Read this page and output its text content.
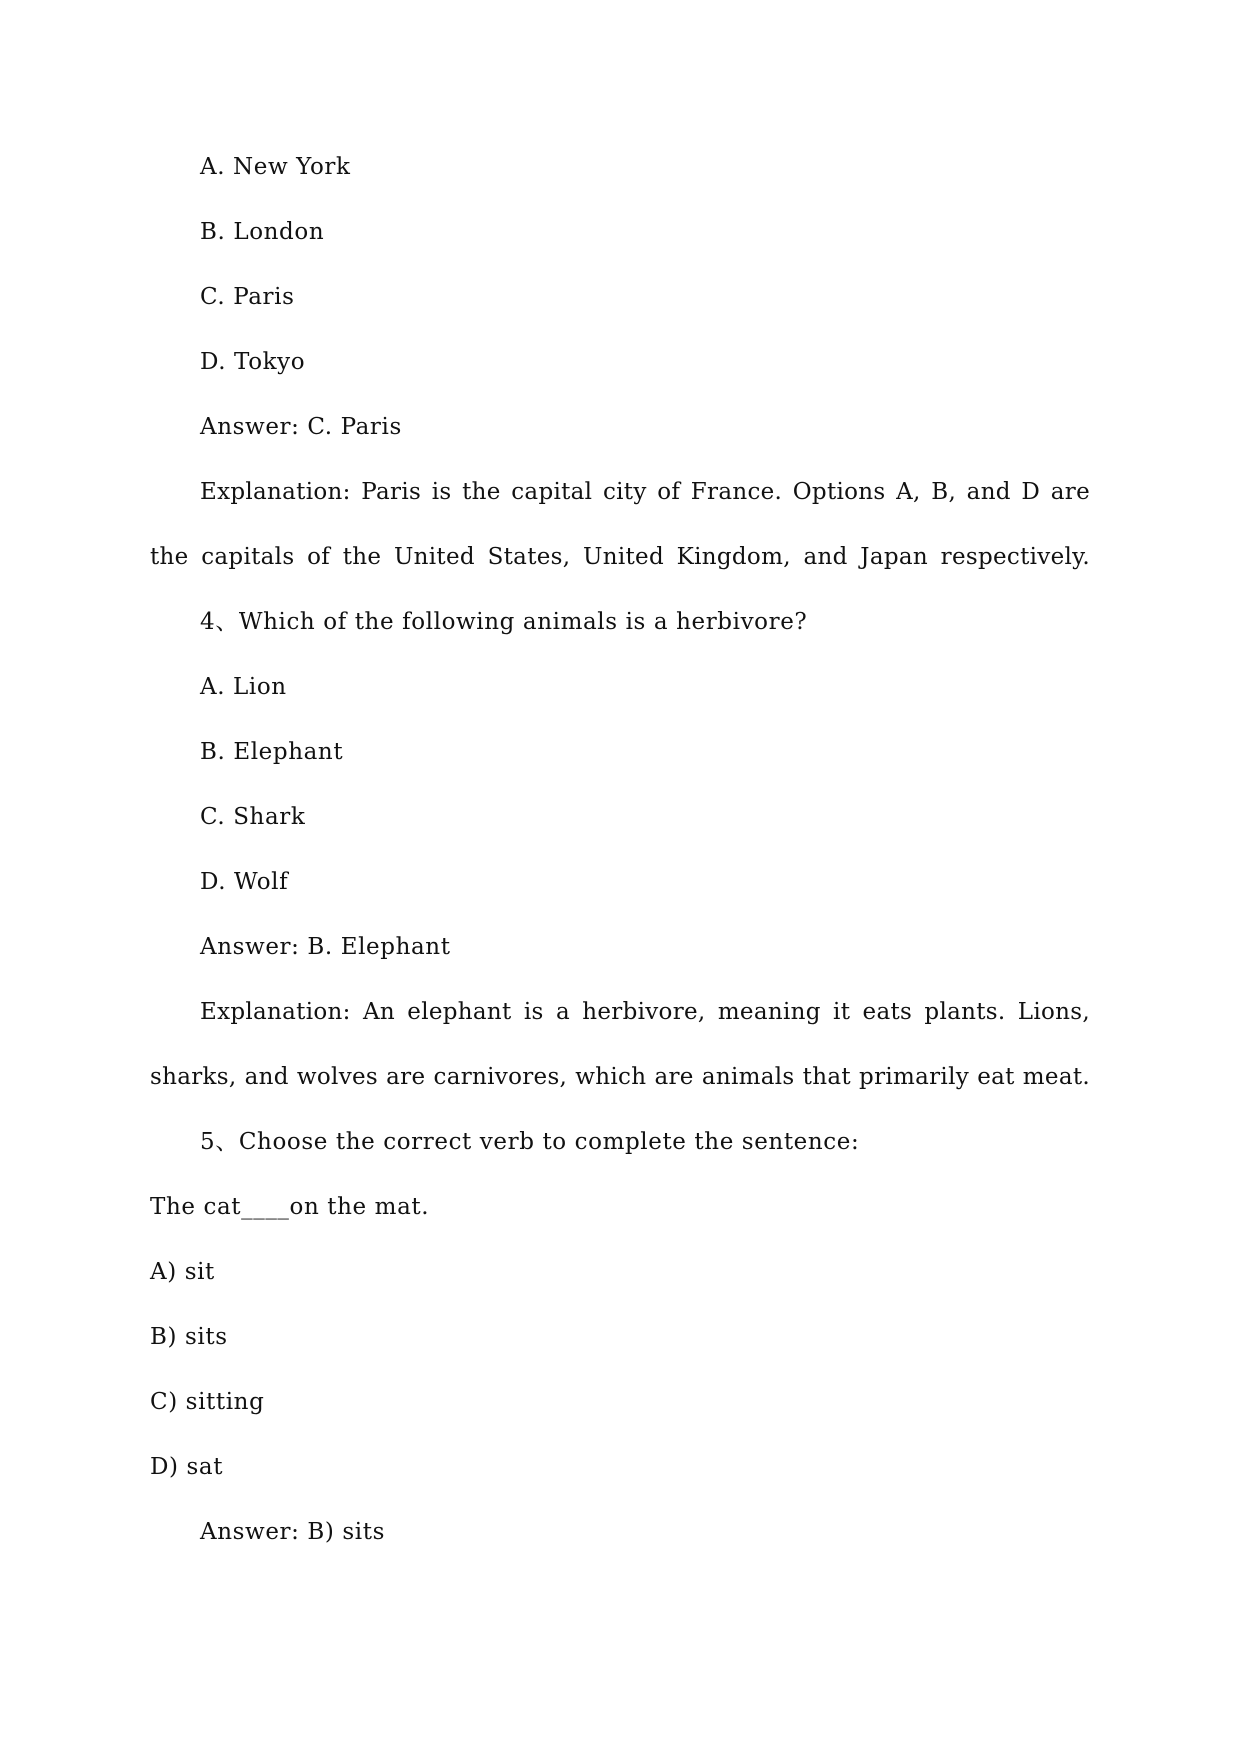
A. New York
B. London
C. Paris
D. Tokyo
Answer: C. Paris
Explanation: Paris is the capital city of France. Options A, B, and D are
the capitals of the United States, United Kingdom, and Japan respectively.
4、Which of the following animals is a herbivore?
A. Lion
B. Elephant
C. Shark
D. Wolf
Answer: B. Elephant
Explanation: An elephant is a herbivore, meaning it eats plants. Lions,
sharks, and wolves are carnivores, which are animals that primarily eat meat.
5、Choose the correct verb to complete the sentence:
The cat____on the mat.
A) sit
B) sits
C) sitting
D) sat
Answer: B) sits
